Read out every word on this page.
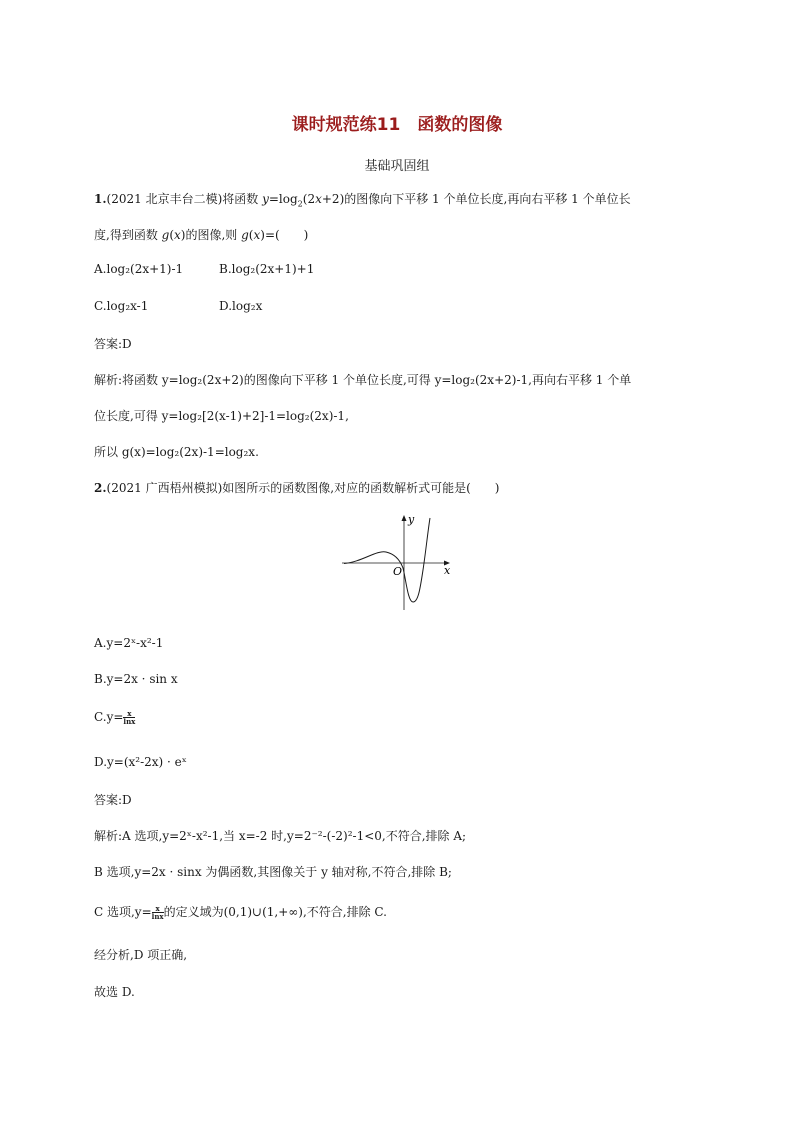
课时规范练11　函数的图像
基础巩固组
1.(2021 北京丰台二模)将函数 $y=\log_2(2x+2)$的图像向下平移 1 个单位长度,再向右平移 1 个单位长
度,得到函数 g(x)的图像,则 g(x)=(　　)
A.log₂(2x+1)-1	B.log₂(2x+1)+1
C.log₂x-1	D.log₂x
答案:D
解析:将函数 y=log₂(2x+2)的图像向下平移 1 个单位长度,可得 y=log₂(2x+2)-1,再向右平移 1 个单
位长度,可得 y=log₂[2(x-1)+2]-1=log₂(2x)-1,
所以 g(x)=log₂(2x)-1=log₂x.
2.(2021 广西梧州模拟)如图所示的函数图像,对应的函数解析式可能是(　　)
y
x
O
A.y=2ˣ-x²-1
B.y=2x · sin x
$C.y= \frac{x}{\ln x}$
D.y=(x²-2x) · eˣ
答案:D
解析:A 选项,y=2ˣ-x²-1,当 x=-2 时,y=2⁻²-(-2)²-1<0,不符合,排除 A;
B 选项,y=2x · sinx 为偶函数,其图像关于 y 轴对称,不符合,排除 B;
C 选项$,y= \frac{x}{\ln x}$ 的定义域为(0,1)∪(1,+∞),不符合,排除 C.
经分析,D 项正确,
故选 D.
